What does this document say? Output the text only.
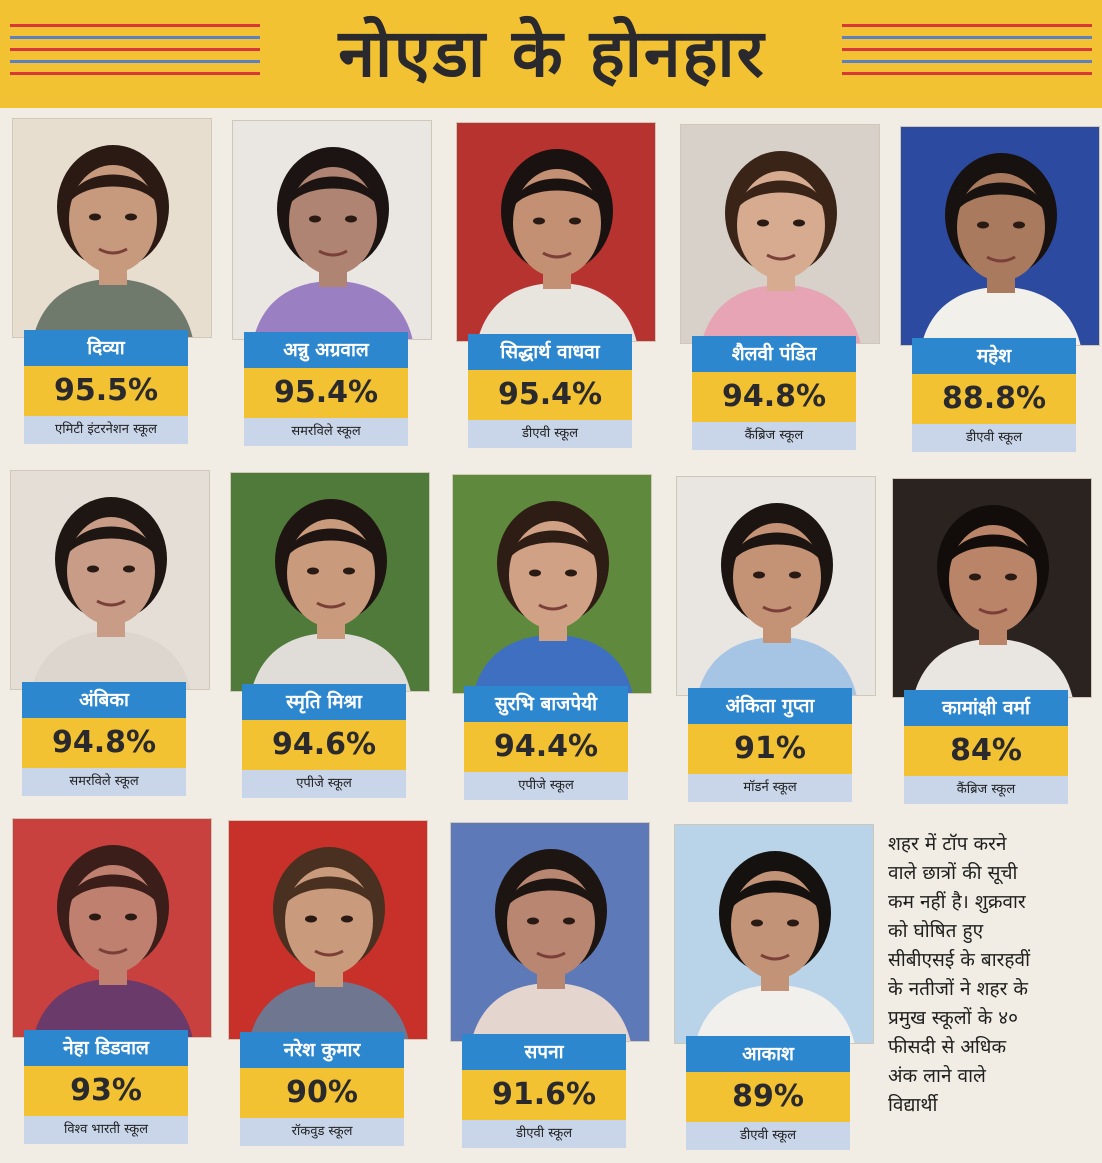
नोएडा के होनहार
दिव्या
95.5%
एमिटी इंटरनेशन स्कूल
अन्नु अग्रवाल
95.4%
समरविले स्कूल
सिद्धार्थ वाधवा
95.4%
डीएवी स्कूल
शैलवी पंडित
94.8%
कैंब्रिज स्कूल
महेश
88.8%
डीएवी स्कूल
अंबिका
94.8%
समरविले स्कूल
स्मृति मिश्रा
94.6%
एपीजे स्कूल
सुरभि बाजपेयी
94.4%
एपीजे स्कूल
अंकिता गुप्ता
91%
मॉडर्न स्कूल
कामांक्षी वर्मा
84%
कैंब्रिज स्कूल
नेहा डिडवाल
93%
विश्व भारती स्कूल
नरेश कुमार
90%
रॉकवुड स्कूल
सपना
91.6%
डीएवी स्कूल
आकाश
89%
डीएवी स्कूल
शहर में टॉप करने
वाले छात्रों की सूची
कम नहीं है। शुक्रवार
को घोषित हुए
सीबीएसई के बारहवीं
के नतीजों ने शहर के
प्रमुख स्कूलों के ४०
फीसदी से अधिक
अंक लाने वाले
विद्यार्थी
